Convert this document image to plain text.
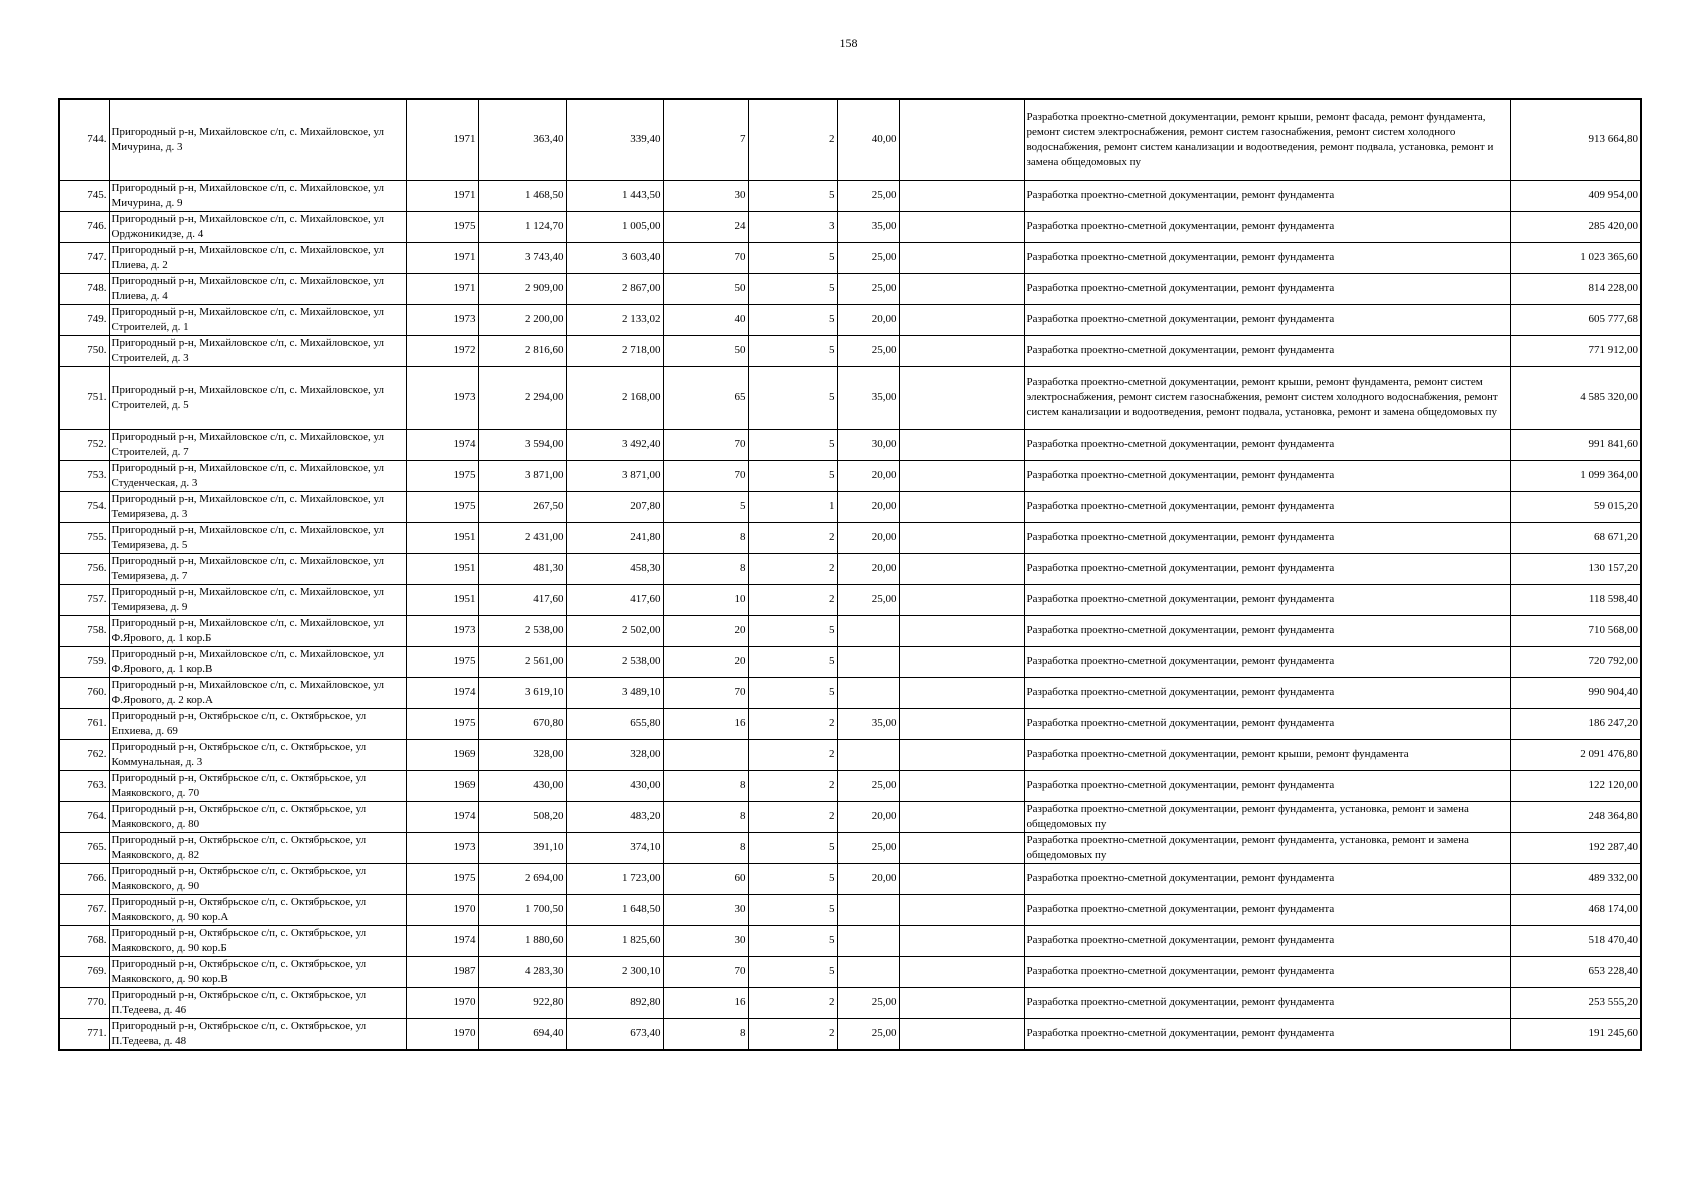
158
744.	Пригородный р-н, Михайловское с/п, с. Михайловское, ул Мичурина, д. 3	1971	363,40	339,40	7	2	40,00		Разработка проектно-сметной документации, ремонт крыши, ремонт фасада, ремонт фундамента, ремонт систем электроснабжения, ремонт систем газоснабжения, ремонт систем холодного водоснабжения, ремонт систем канализации и водоотведения, ремонт подвала, установка, ремонт и замена общедомовых пу	913 664,80
745.	Пригородный р-н, Михайловское с/п, с. Михайловское, ул Мичурина, д. 9	1971	1 468,50	1 443,50	30	5	25,00		Разработка проектно-сметной документации, ремонт фундамента	409 954,00
746.	Пригородный р-н, Михайловское с/п, с. Михайловское, ул Орджоникидзе, д. 4	1975	1 124,70	1 005,00	24	3	35,00		Разработка проектно-сметной документации, ремонт фундамента	285 420,00
747.	Пригородный р-н, Михайловское с/п, с. Михайловское, ул Плиева, д. 2	1971	3 743,40	3 603,40	70	5	25,00		Разработка проектно-сметной документации, ремонт фундамента	1 023 365,60
748.	Пригородный р-н, Михайловское с/п, с. Михайловское, ул Плиева, д. 4	1971	2 909,00	2 867,00	50	5	25,00		Разработка проектно-сметной документации, ремонт фундамента	814 228,00
749.	Пригородный р-н, Михайловское с/п, с. Михайловское, ул Строителей, д. 1	1973	2 200,00	2 133,02	40	5	20,00		Разработка проектно-сметной документации, ремонт фундамента	605 777,68
750.	Пригородный р-н, Михайловское с/п, с. Михайловское, ул Строителей, д. 3	1972	2 816,60	2 718,00	50	5	25,00		Разработка проектно-сметной документации, ремонт фундамента	771 912,00
751.	Пригородный р-н, Михайловское с/п, с. Михайловское, ул Строителей, д. 5	1973	2 294,00	2 168,00	65	5	35,00		Разработка проектно-сметной документации, ремонт крыши, ремонт фундамента, ремонт систем электроснабжения, ремонт систем газоснабжения, ремонт систем холодного водоснабжения, ремонт систем канализации и водоотведения, ремонт подвала, установка, ремонт и замена общедомовых пу	4 585 320,00
752.	Пригородный р-н, Михайловское с/п, с. Михайловское, ул Строителей, д. 7	1974	3 594,00	3 492,40	70	5	30,00		Разработка проектно-сметной документации, ремонт фундамента	991 841,60
753.	Пригородный р-н, Михайловское с/п, с. Михайловское, ул Студенческая, д. 3	1975	3 871,00	3 871,00	70	5	20,00		Разработка проектно-сметной документации, ремонт фундамента	1 099 364,00
754.	Пригородный р-н, Михайловское с/п, с. Михайловское, ул Темирязева, д. 3	1975	267,50	207,80	5	1	20,00		Разработка проектно-сметной документации, ремонт фундамента	59 015,20
755.	Пригородный р-н, Михайловское с/п, с. Михайловское, ул Темирязева, д. 5	1951	2 431,00	241,80	8	2	20,00		Разработка проектно-сметной документации, ремонт фундамента	68 671,20
756.	Пригородный р-н, Михайловское с/п, с. Михайловское, ул Темирязева, д. 7	1951	481,30	458,30	8	2	20,00		Разработка проектно-сметной документации, ремонт фундамента	130 157,20
757.	Пригородный р-н, Михайловское с/п, с. Михайловское, ул Темирязева, д. 9	1951	417,60	417,60	10	2	25,00		Разработка проектно-сметной документации, ремонт фундамента	118 598,40
758.	Пригородный р-н, Михайловское с/п, с. Михайловское, ул Ф.Ярового, д. 1 кор.Б	1973	2 538,00	2 502,00	20	5			Разработка проектно-сметной документации, ремонт фундамента	710 568,00
759.	Пригородный р-н, Михайловское с/п, с. Михайловское, ул Ф.Ярового, д. 1 кор.В	1975	2 561,00	2 538,00	20	5			Разработка проектно-сметной документации, ремонт фундамента	720 792,00
760.	Пригородный р-н, Михайловское с/п, с. Михайловское, ул Ф.Ярового, д. 2 кор.А	1974	3 619,10	3 489,10	70	5			Разработка проектно-сметной документации, ремонт фундамента	990 904,40
761.	Пригородный р-н, Октябрьское с/п, с. Октябрьское, ул Епхиева, д. 69	1975	670,80	655,80	16	2	35,00		Разработка проектно-сметной документации, ремонт фундамента	186 247,20
762.	Пригородный р-н, Октябрьское с/п, с. Октябрьское, ул Коммунальная, д. 3	1969	328,00	328,00		2			Разработка проектно-сметной документации, ремонт крыши, ремонт фундамента	2 091 476,80
763.	Пригородный р-н, Октябрьское с/п, с. Октябрьское, ул Маяковского, д. 70	1969	430,00	430,00	8	2	25,00		Разработка проектно-сметной документации, ремонт фундамента	122 120,00
764.	Пригородный р-н, Октябрьское с/п, с. Октябрьское, ул Маяковского, д. 80	1974	508,20	483,20	8	2	20,00		Разработка проектно-сметной документации, ремонт фундамента, установка, ремонт и замена общедомовых пу	248 364,80
765.	Пригородный р-н, Октябрьское с/п, с. Октябрьское, ул Маяковского, д. 82	1973	391,10	374,10	8	5	25,00		Разработка проектно-сметной документации, ремонт фундамента, установка, ремонт и замена общедомовых пу	192 287,40
766.	Пригородный р-н, Октябрьское с/п, с. Октябрьское, ул Маяковского, д. 90	1975	2 694,00	1 723,00	60	5	20,00		Разработка проектно-сметной документации, ремонт фундамента	489 332,00
767.	Пригородный р-н, Октябрьское с/п, с. Октябрьское, ул Маяковского, д. 90 кор.А	1970	1 700,50	1 648,50	30	5			Разработка проектно-сметной документации, ремонт фундамента	468 174,00
768.	Пригородный р-н, Октябрьское с/п, с. Октябрьское, ул Маяковского, д. 90 кор.Б	1974	1 880,60	1 825,60	30	5			Разработка проектно-сметной документации, ремонт фундамента	518 470,40
769.	Пригородный р-н, Октябрьское с/п, с. Октябрьское, ул Маяковского, д. 90 кор.В	1987	4 283,30	2 300,10	70	5			Разработка проектно-сметной документации, ремонт фундамента	653 228,40
770.	Пригородный р-н, Октябрьское с/п, с. Октябрьское, ул П.Тедеева, д. 46	1970	922,80	892,80	16	2	25,00		Разработка проектно-сметной документации, ремонт фундамента	253 555,20
771.	Пригородный р-н, Октябрьское с/п, с. Октябрьское, ул П.Тедеева, д. 48	1970	694,40	673,40	8	2	25,00		Разработка проектно-сметной документации, ремонт фундамента	191 245,60
